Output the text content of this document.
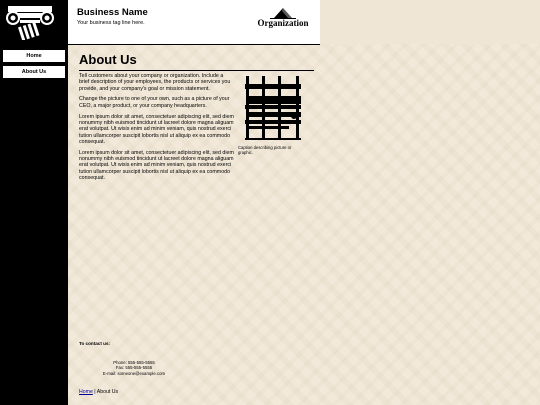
Home
About Us
Business Name
Your business tag line here.	Organization
About Us

Tell customers about your company or organization. Include a brief description of your employees, the products or services you provide, and your company's goal or mission statement.

Change the picture to one of your own, such as a picture of your CEO, a major product, or your company headquarters.

Lorem ipsum dolor sit amet, consectetuer adipiscing elit, sed diem nonummy nibh euismod tincidunt ut lacreet dolore magna aliguam erat volutpat. Ut wisis enim ad minim veniam, quis nostrud exerci tution ullamcorper suscipit lobortis nisl ut aliquip ex ea commodo consequat.

Lorem ipsum dolor sit amet, consectetuer adipiscing elit, sed diem nonummy nibh euismod tincidunt ut lacreet dolore magna aliguam erat volutpat. Ut wisis enim ad minim veniam, quis nostrud exerci tution ullamcorper suscipit lobortis nisl ut aliquip ex ea commodo consequat.

Caption describing picture or graphic.
To contact us:
Phone: 555-555-5555
Fax: 555-555-5555
E-mail: someone@example.com
Home | About Us
